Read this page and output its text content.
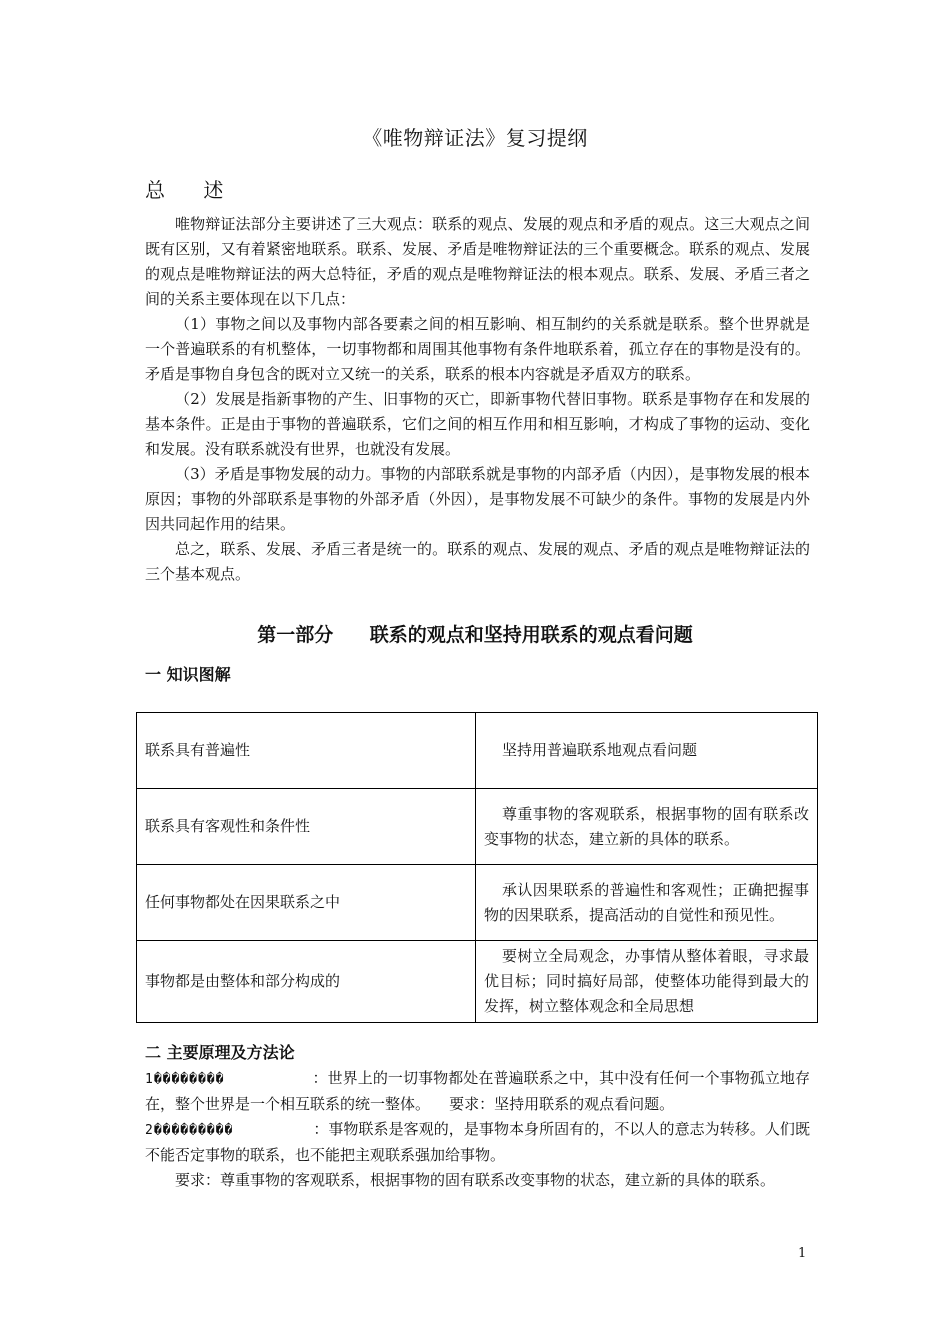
《唯物辩证法》复习提纲
总 述

唯物辩证法部分主要讲述了三大观点：联系的观点、发展的观点和矛盾的观点。这三大观点之间既有区别，又有着紧密地联系。联系、发展、矛盾是唯物辩证法的三个重要概念。联系的观点、发展的观点是唯物辩证法的两大总特征，矛盾的观点是唯物辩证法的根本观点。联系、发展、矛盾三者之间的关系主要体现在以下几点：

（1）事物之间以及事物内部各要素之间的相互影响、相互制约的关系就是联系。整个世界就是一个普遍联系的有机整体，一切事物都和周围其他事物有条件地联系着，孤立存在的事物是没有的。矛盾是事物自身包含的既对立又统一的关系，联系的根本内容就是矛盾双方的联系。

（2）发展是指新事物的产生、旧事物的灭亡，即新事物代替旧事物。联系是事物存在和发展的基本条件。正是由于事物的普遍联系，它们之间的相互作用和相互影响，才构成了事物的运动、变化和发展。没有联系就没有世界，也就没有发展。

（3）矛盾是事物发展的动力。事物的内部联系就是事物的内部矛盾（内因），是事物发展的根本原因；事物的外部联系是事物的外部矛盾（外因），是事物发展不可缺少的条件。事物的发展是内外因共同起作用的结果。

总之，联系、发展、矛盾三者是统一的。联系的观点、发展的观点、矛盾的观点是唯物辩证法的三个基本观点。

第一部分 联系的观点和坚持用联系的观点看问题
一 知识图解
联系具有普遍性	坚持用普遍联系地观点看问题
联系具有客观性和条件性	尊重事物的客观联系，根据事物的固有联系改变事物的状态，建立新的具体的联系。
任何事物都处在因果联系之中	承认因果联系的普遍性和客观性；正确把握事物的因果联系，提高活动的自觉性和预见性。
事物都是由整体和部分构成的	要树立全局观念，办事情从整体着眼，寻求最优目标；同时搞好局部，使整体功能得到最大的发挥，树立整体观念和全局思想
二 主要原理及方法论

1��������	：世界上的一切事物都处在普遍联系之中，其中没有任何一个事物孤立地存在，整个世界是一个相互联系的统一整体。 要求：坚持用联系的观点看问题。

2���������	：事物联系是客观的，是事物本身所固有的，不以人的意志为转移。人们既不能否定事物的联系，也不能把主观联系强加给事物。

要求：尊重事物的客观联系，根据事物的固有联系改变事物的状态，建立新的具体的联系。

1
